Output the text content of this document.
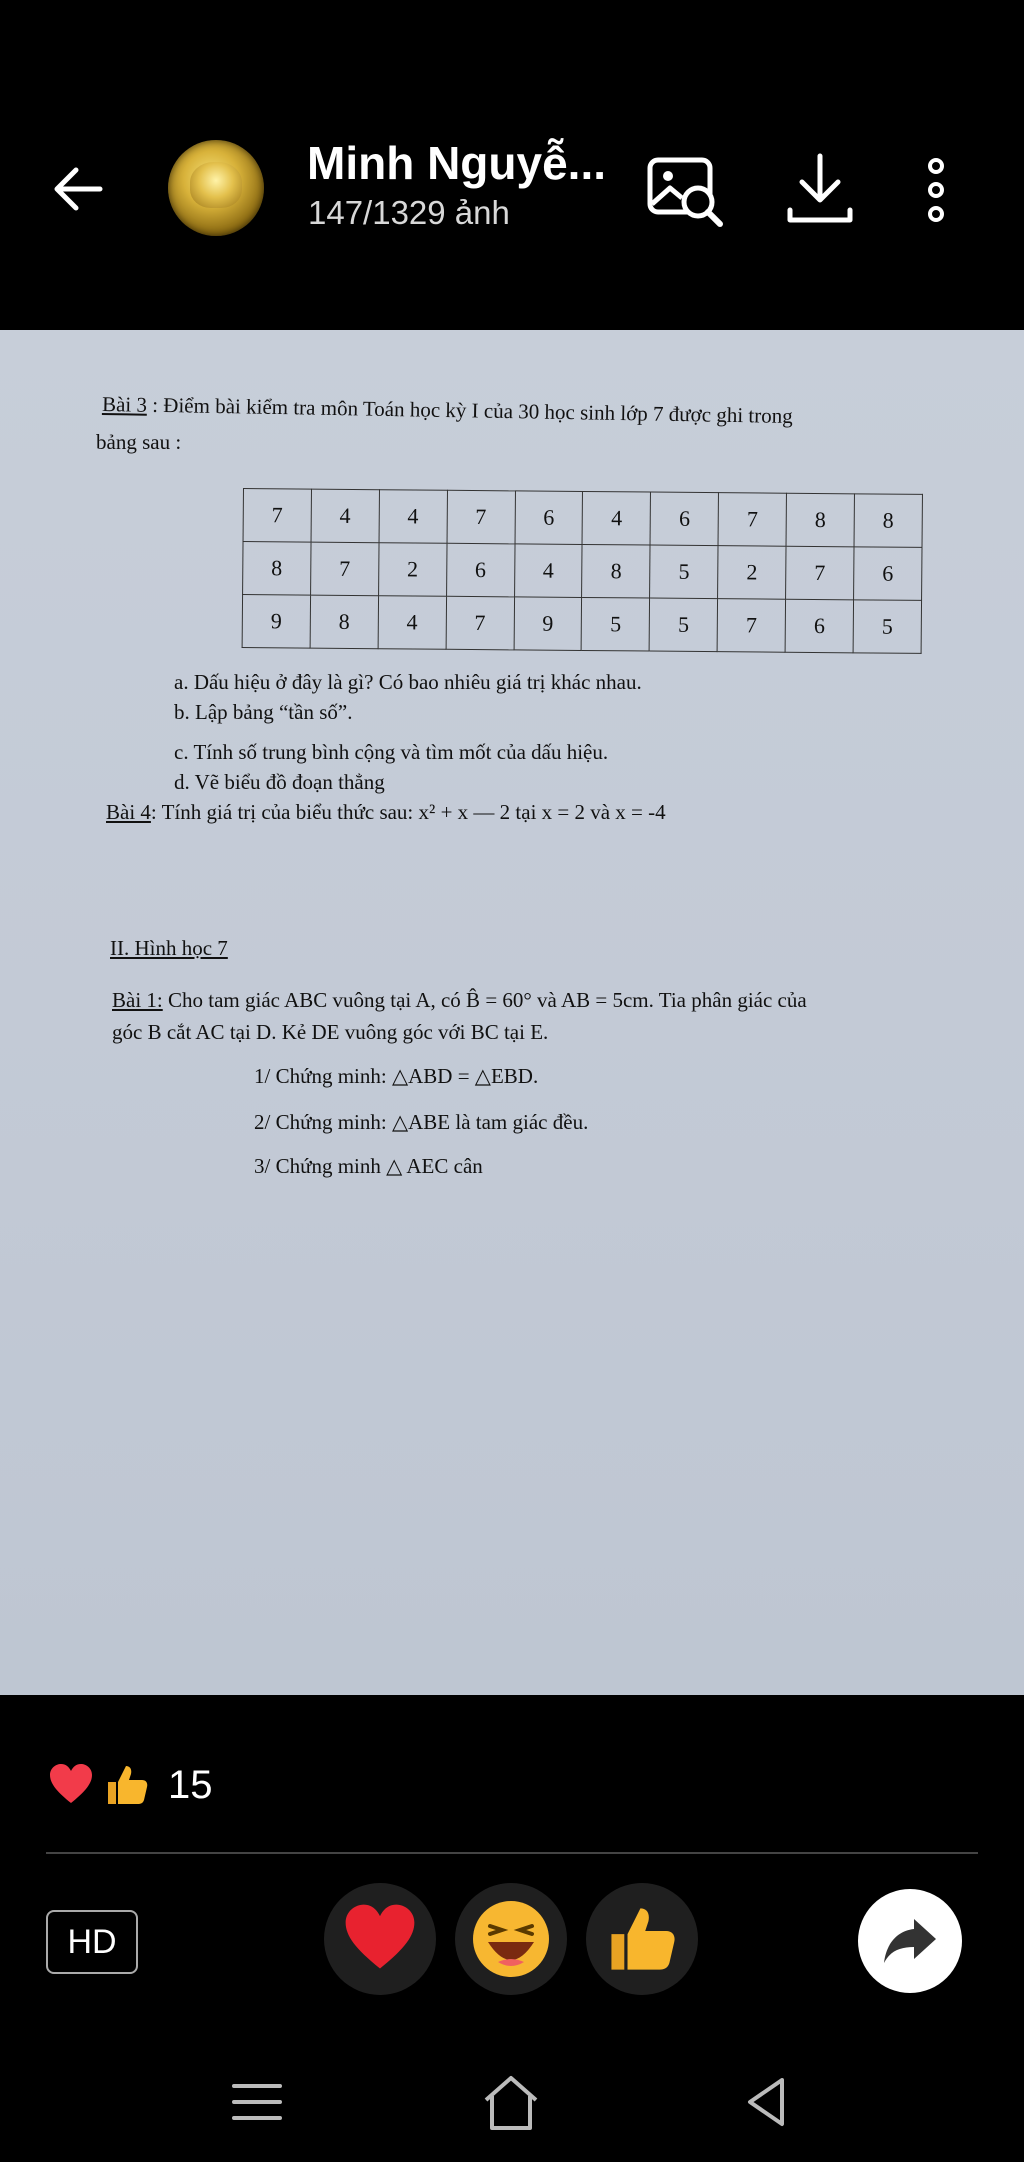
Minh Nguyễ...
147/1329 ảnh
Bài 3 : Điểm bài kiểm tra môn Toán học kỳ I của 30 học sinh lớp 7 được ghi trong
bảng sau :
7	4	4	7	6	4	6	7	8	8
8	7	2	6	4	8	5	2	7	6
9	8	4	7	9	5	5	7	6	5
a. Dấu hiệu ở đây là gì? Có bao nhiêu giá trị khác nhau.
b. Lập bảng “tần số”.
c. Tính số trung bình cộng và tìm mốt của dấu hiệu.
d. Vẽ biểu đồ đoạn thẳng
Bài 4: Tính giá trị của biểu thức sau: x² + x — 2 tại x = 2 và x = -4
II. Hình học 7
Bài 1: Cho tam giác ABC vuông tại A, có B̂ = 60° và AB = 5cm. Tia phân giác của
góc B cắt AC tại D. Kẻ DE vuông góc với BC tại E.
1/ Chứng minh: △ABD = △EBD.
2/ Chứng minh: △ABE là tam giác đều.
3/ Chứng minh △ AEC cân
15
HD
